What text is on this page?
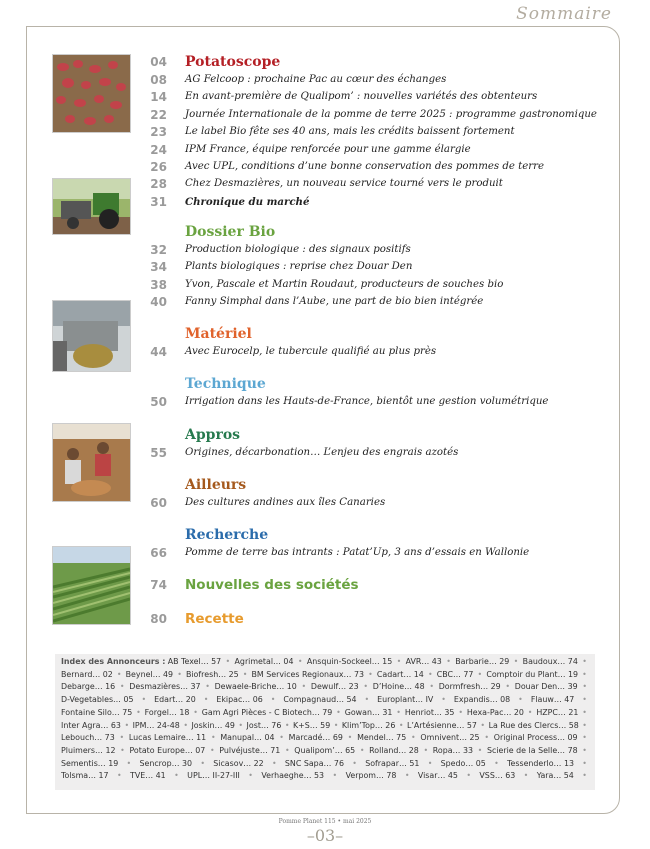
Sommaire
Potatoscope
04
08 AG Felcoop : prochaine Pac au cœur des échanges
14 En avant-première de Qualipom’ : nouvelles variétés des obtenteurs
22 Journée Internationale de la pomme de terre 2025 : programme gastronomique
23 Le label Bio fête ses 40 ans, mais les crédits baissent fortement
24 IPM France, équipe renforcée pour une gamme élargie
26 Avec UPL, conditions d’une bonne conservation des pommes de terre
28 Chez Desmazières, un nouveau service tourné vers le produit
31 Chronique du marché
Dossier Bio
32 Production biologique : des signaux positifs
34 Plants biologiques : reprise chez Douar Den
38 Yvon, Pascale et Martin Roudaut, producteurs de souches bio
40 Fanny Simphal dans l’Aube, une part de bio bien intégrée
Matériel
44 Avec Eurocelp, le tubercule qualifié au plus près
Technique
50 Irrigation dans les Hauts-de-France, bientôt une gestion volumétrique
Appros
55 Origines, décarbonation… L’enjeu des engrais azotés
Ailleurs
60 Des cultures andines aux îles Canaries
Recherche
66 Pomme de terre bas intrants : Patat’Up, 3 ans d’essais en Wallonie
Nouvelles des sociétés
74
Recette
80
Index des Annonceurs : AB Texel… 57 • Agrimetal… 04 • Ansquin-Sockeel… 15 • AVR… 43 • Barbarie… 29 • Baudoux… 74 •
Bernard… 02 • Beynel… 49 • Biofresh… 25 • BM Services Regionaux… 73 • Cadart… 14 • CBC… 77 • Comptoir du Plant… 19 •
Debarge… 16 • Desmazières… 37 • Dewaele-Briche… 10 • Dewulf… 23 • D’Hoine… 48 • Dormfresh… 29 • Douar Den… 39 •
D-Vegetables… 05 • Edart… 20 • Ekipac… 06 • Compagnaud… 54 • Europlant… IV • Expandis… 08 • Flauw… 47 •
Fontaine Silo… 75 • Forgel… 18 • Gam Agri Pièces - C Biotech… 79 • Gowan… 31 • Henriot… 35 • Hexa-Pac… 20 • HZPC… 21 •
Inter Agra… 63 • IPM… 24-48 • Joskin… 49 • Jost… 76 • K+S… 59 • Klim’Top… 26 • L’Artésienne… 57 • La Rue des Clercs… 58 •
Lebouch… 73 • Lucas Lemaire… 11 • Manupal… 04 • Marcadé… 69 • Mendel… 75 • Omnivent… 25 • Original Process… 09 •
Pluimers… 12 • Potato Europe… 07 • Pulvéjuste… 71 • Qualipom’… 65 • Rolland… 28 • Ropa… 33 • Scierie de la Selle… 78 •
Sementis… 19 • Sencrop… 30 • Sicasov… 22 • SNC Sapa… 76 • Sofrapar… 51 • Spedo… 05 • Tessenderlo… 13 •
Tolsma… 17 • TVE… 41 • UPL… II-27-III • Verhaeghe… 53 • Verpom… 78 • Visar… 45 • VSS… 63 • Yara… 54 •
Pomme Planet 115 • mai 2025
–03–
